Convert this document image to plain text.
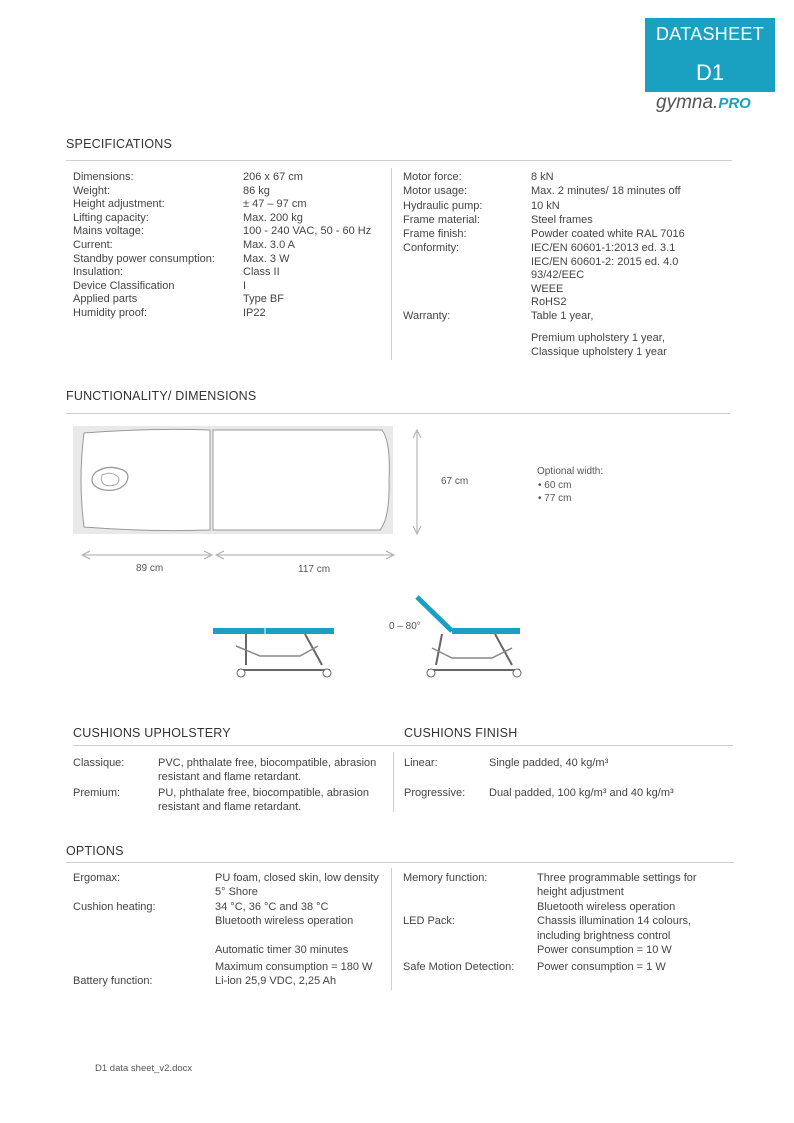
DATASHEET
D1
gymna.PRO
SPECIFICATIONS
Dimensions:	206 x 67 cm
Weight:	86 kg
Height adjustment:	± 47 – 97 cm
Lifting capacity:	Max. 200 kg
Mains voltage:	100 - 240 VAC, 50 - 60 Hz
Current:	Max. 3.0 A
Standby power consumption:	Max. 3 W
Insulation:	Class II
Device Classification	I
Applied parts	Type BF
Humidity proof:	IP22
Motor force:	8 kN
Motor usage:	Max. 2 minutes/ 18 minutes off
Hydraulic pump:	10 kN
Frame material:	Steel frames
Frame finish:	Powder coated white RAL 7016
Conformity:	IEC/EN 60601-1:2013 ed. 3.1
IEC/EN 60601-2: 2015 ed. 4.0
93/42/EEC
WEEE
RoHS2
Warranty:	Table 1 year,
Premium upholstery 1 year,
Classique upholstery 1 year
FUNCTIONALITY/ DIMENSIONS
67 cm
89 cm	117 cm
Optional width:
• 60 cm
• 77 cm
0 – 80°
CUSHIONS UPHOLSTERY	CUSHIONS FINISH
Classique:	PVC, phthalate free, biocompatible, abrasion
resistant and flame retardant.
Premium:	PU, phthalate free, biocompatible, abrasion
resistant and flame retardant.
Linear:	Single padded, 40 kg/m³
Progressive: Dual padded, 100 kg/m³ and 40 kg/m³
OPTIONS
Ergomax:	PU foam, closed skin, low density
5° Shore
Cushion heating:	34 °C, 36 °C and 38 °C
Bluetooth wireless operation
Automatic timer 30 minutes
Maximum consumption = 180 W
Battery function:	Li-ion 25,9 VDC, 2,25 Ah
Memory function:	Three programmable settings for
height adjustment
Bluetooth wireless operation
LED Pack:	Chassis illumination 14 colours,
including brightness control
Power consumption = 10 W
Safe Motion Detection: Power consumption = 1 W
D1 data sheet_v2.docx
